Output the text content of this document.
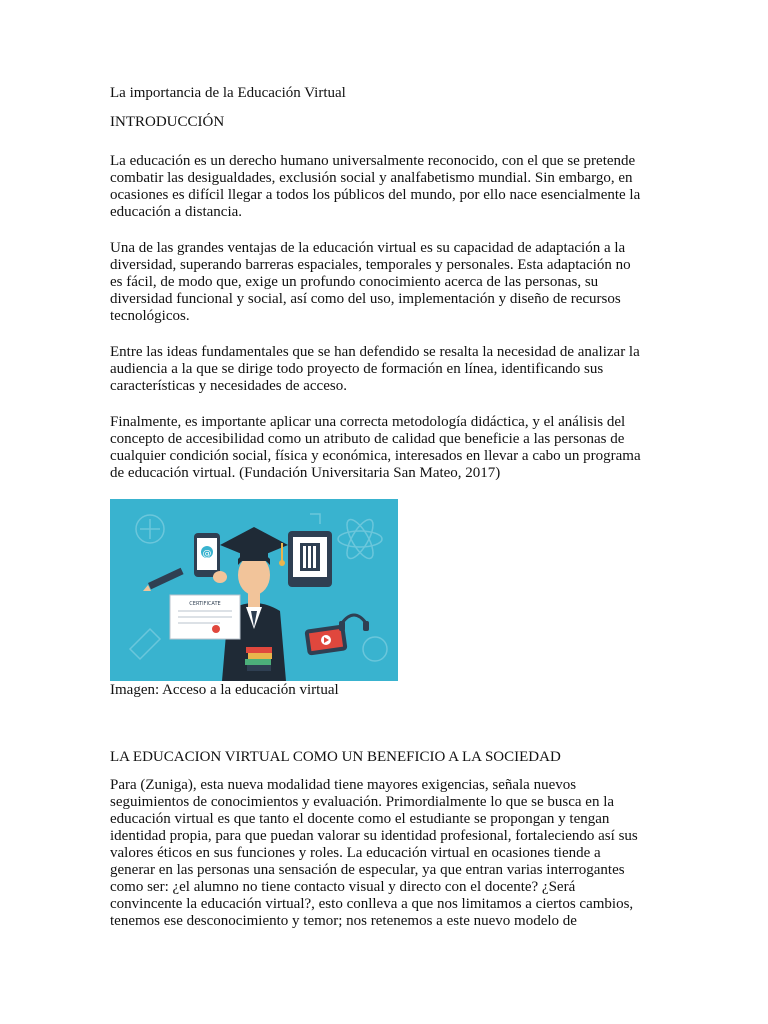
La importancia de la Educación Virtual
INTRODUCCIÓN
La educación es un derecho humano universalmente reconocido, con el que se pretende
combatir las desigualdades, exclusión social y analfabetismo mundial. Sin embargo, en
ocasiones es difícil llegar a todos los públicos del mundo, por ello nace esencialmente la
educación a distancia.
Una de las grandes ventajas de la educación virtual es su capacidad de adaptación a la
diversidad, superando barreras espaciales, temporales y personales. Esta adaptación no
es fácil, de modo que, exige un profundo conocimiento acerca de las personas, su
diversidad funcional y social, así como del uso, implementación y diseño de recursos
tecnológicos.
Entre las ideas fundamentales que se han defendido se resalta la necesidad de analizar la
audiencia a la que se dirige todo proyecto de formación en línea, identificando sus
características y necesidades de acceso.
Finalmente, es importante aplicar una correcta metodología didáctica, y el análisis del
concepto de accesibilidad como un atributo de calidad que beneficie a las personas de
cualquier condición social, física y económica, interesados en llevar a cabo un programa
de educación virtual. (Fundación Universitaria San Mateo, 2017)
@
CERTIFICATE
Imagen: Acceso a la educación virtual
LA EDUCACION VIRTUAL COMO UN BENEFICIO A LA SOCIEDAD
Para (Zuniga), esta nueva modalidad tiene mayores exigencias, señala nuevos
seguimientos de conocimientos y evaluación. Primordialmente lo que se busca en la
educación virtual es que tanto el docente como el estudiante se propongan y tengan
identidad propia, para que puedan valorar su identidad profesional, fortaleciendo así sus
valores éticos en sus funciones y roles. La educación virtual en ocasiones tiende a
generar en las personas una sensación de especular, ya que entran varias interrogantes
como ser: ¿el alumno no tiene contacto visual y directo con el docente? ¿Será
convincente la educación virtual?, esto conlleva a que nos limitamos a ciertos cambios,
tenemos ese desconocimiento y temor; nos retenemos a este nuevo modelo de
